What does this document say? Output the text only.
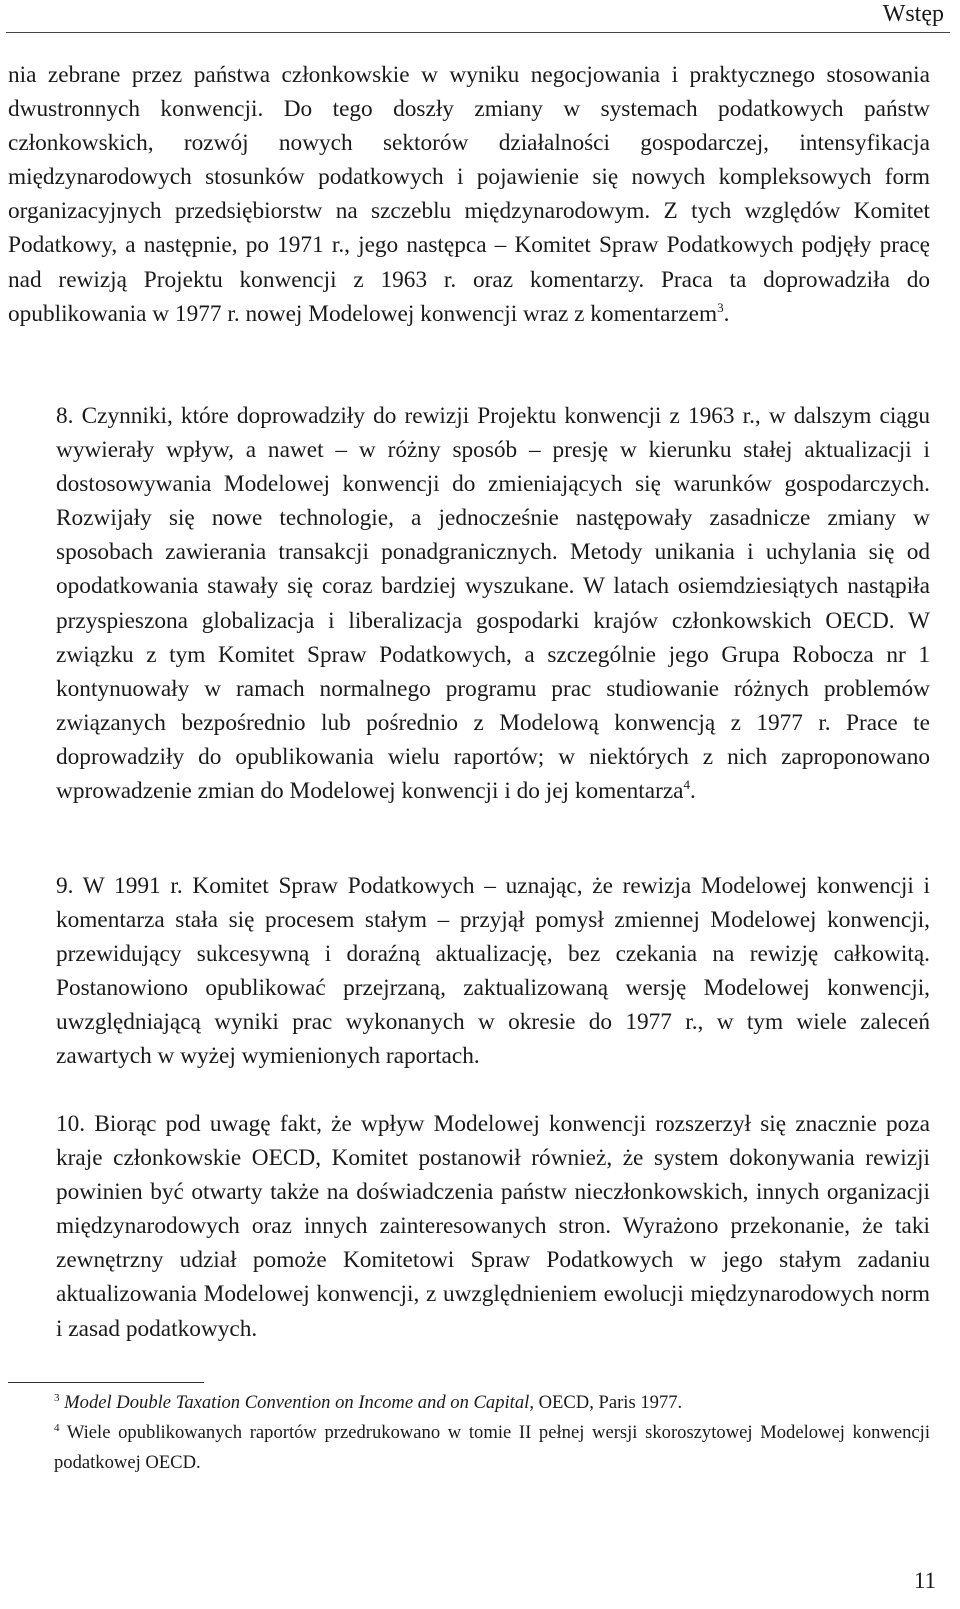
Wstęp

nia zebrane przez państwa członkowskie w wyniku negocjowania i praktycznego stosowania dwustronnych konwencji. Do tego doszły zmiany w systemach podatkowych państw członkowskich, rozwój nowych sektorów działalności gospodarczej, intensyfikacja międzynarodowych stosunków podatkowych i pojawienie się nowych kompleksowych form organizacyjnych przedsiębiorstw na szczeblu międzynarodowym. Z tych względów Komitet Podatkowy, a następnie, po 1971 r., jego następca – Komitet Spraw Podatkowych podjęły pracę nad rewizją Projektu konwencji z 1963 r. oraz komentarzy. Praca ta doprowadziła do opublikowania w 1977 r. nowej Modelowej konwencji wraz z komentarzem$^3$.

8. Czynniki, które doprowadziły do rewizji Projektu konwencji z 1963 r., w dalszym ciągu wywierały wpływ, a nawet – w różny sposób – presję w kierunku stałej aktualizacji i dostosowywania Modelowej konwencji do zmieniających się warunków gospodarczych. Rozwijały się nowe technologie, a jednocześnie następowały zasadnicze zmiany w sposobach zawierania transakcji ponadgranicznych. Metody unikania i uchylania się od opodatkowania stawały się coraz bardziej wyszukane. W latach osiemdziesiątych nastąpiła przyspieszona globalizacja i liberalizacja gospodarki krajów członkowskich OECD. W związku z tym Komitet Spraw Podatkowych, a szczególnie jego Grupa Robocza nr 1 kontynuowały w ramach normalnego programu prac studiowanie różnych problemów związanych bezpośrednio lub pośrednio z Modelową konwencją z 1977 r. Prace te doprowadziły do opublikowania wielu raportów; w niektórych z nich zaproponowano wprowadzenie zmian do Modelowej konwencji i do jej komentarza$^4$.

9. W 1991 r. Komitet Spraw Podatkowych – uznając, że rewizja Modelowej konwencji i komentarza stała się procesem stałym – przyjął pomysł zmiennej Modelowej konwencji, przewidujący sukcesywną i doraźną aktualizację, bez czekania na rewizję całkowitą. Postanowiono opublikować przejrzaną, zaktualizowaną wersję Modelowej konwencji, uwzględniającą wyniki prac wykonanych w okresie do 1977 r., w tym wiele zaleceń zawartych w wyżej wymienionych raportach.

10. Biorąc pod uwagę fakt, że wpływ Modelowej konwencji rozszerzył się znacznie poza kraje członkowskie OECD, Komitet postanowił również, że system dokonywania rewizji powinien być otwarty także na doświadczenia państw nieczłonkowskich, innych organizacji międzynarodowych oraz innych zainteresowanych stron. Wyrażono przekonanie, że taki zewnętrzny udział pomoże Komitetowi Spraw Podatkowych w jego stałym zadaniu aktualizowania Modelowej konwencji, z uwzględnieniem ewolucji międzynarodowych norm i zasad podatkowych.

$^3$ Model Double Taxation Convention on Income and on Capital, OECD, Paris 1977.

$^4$ Wiele opublikowanych raportów przedrukowano w tomie II pełnej wersji skoroszytowej Modelowej konwencji podatkowej OECD.

11
